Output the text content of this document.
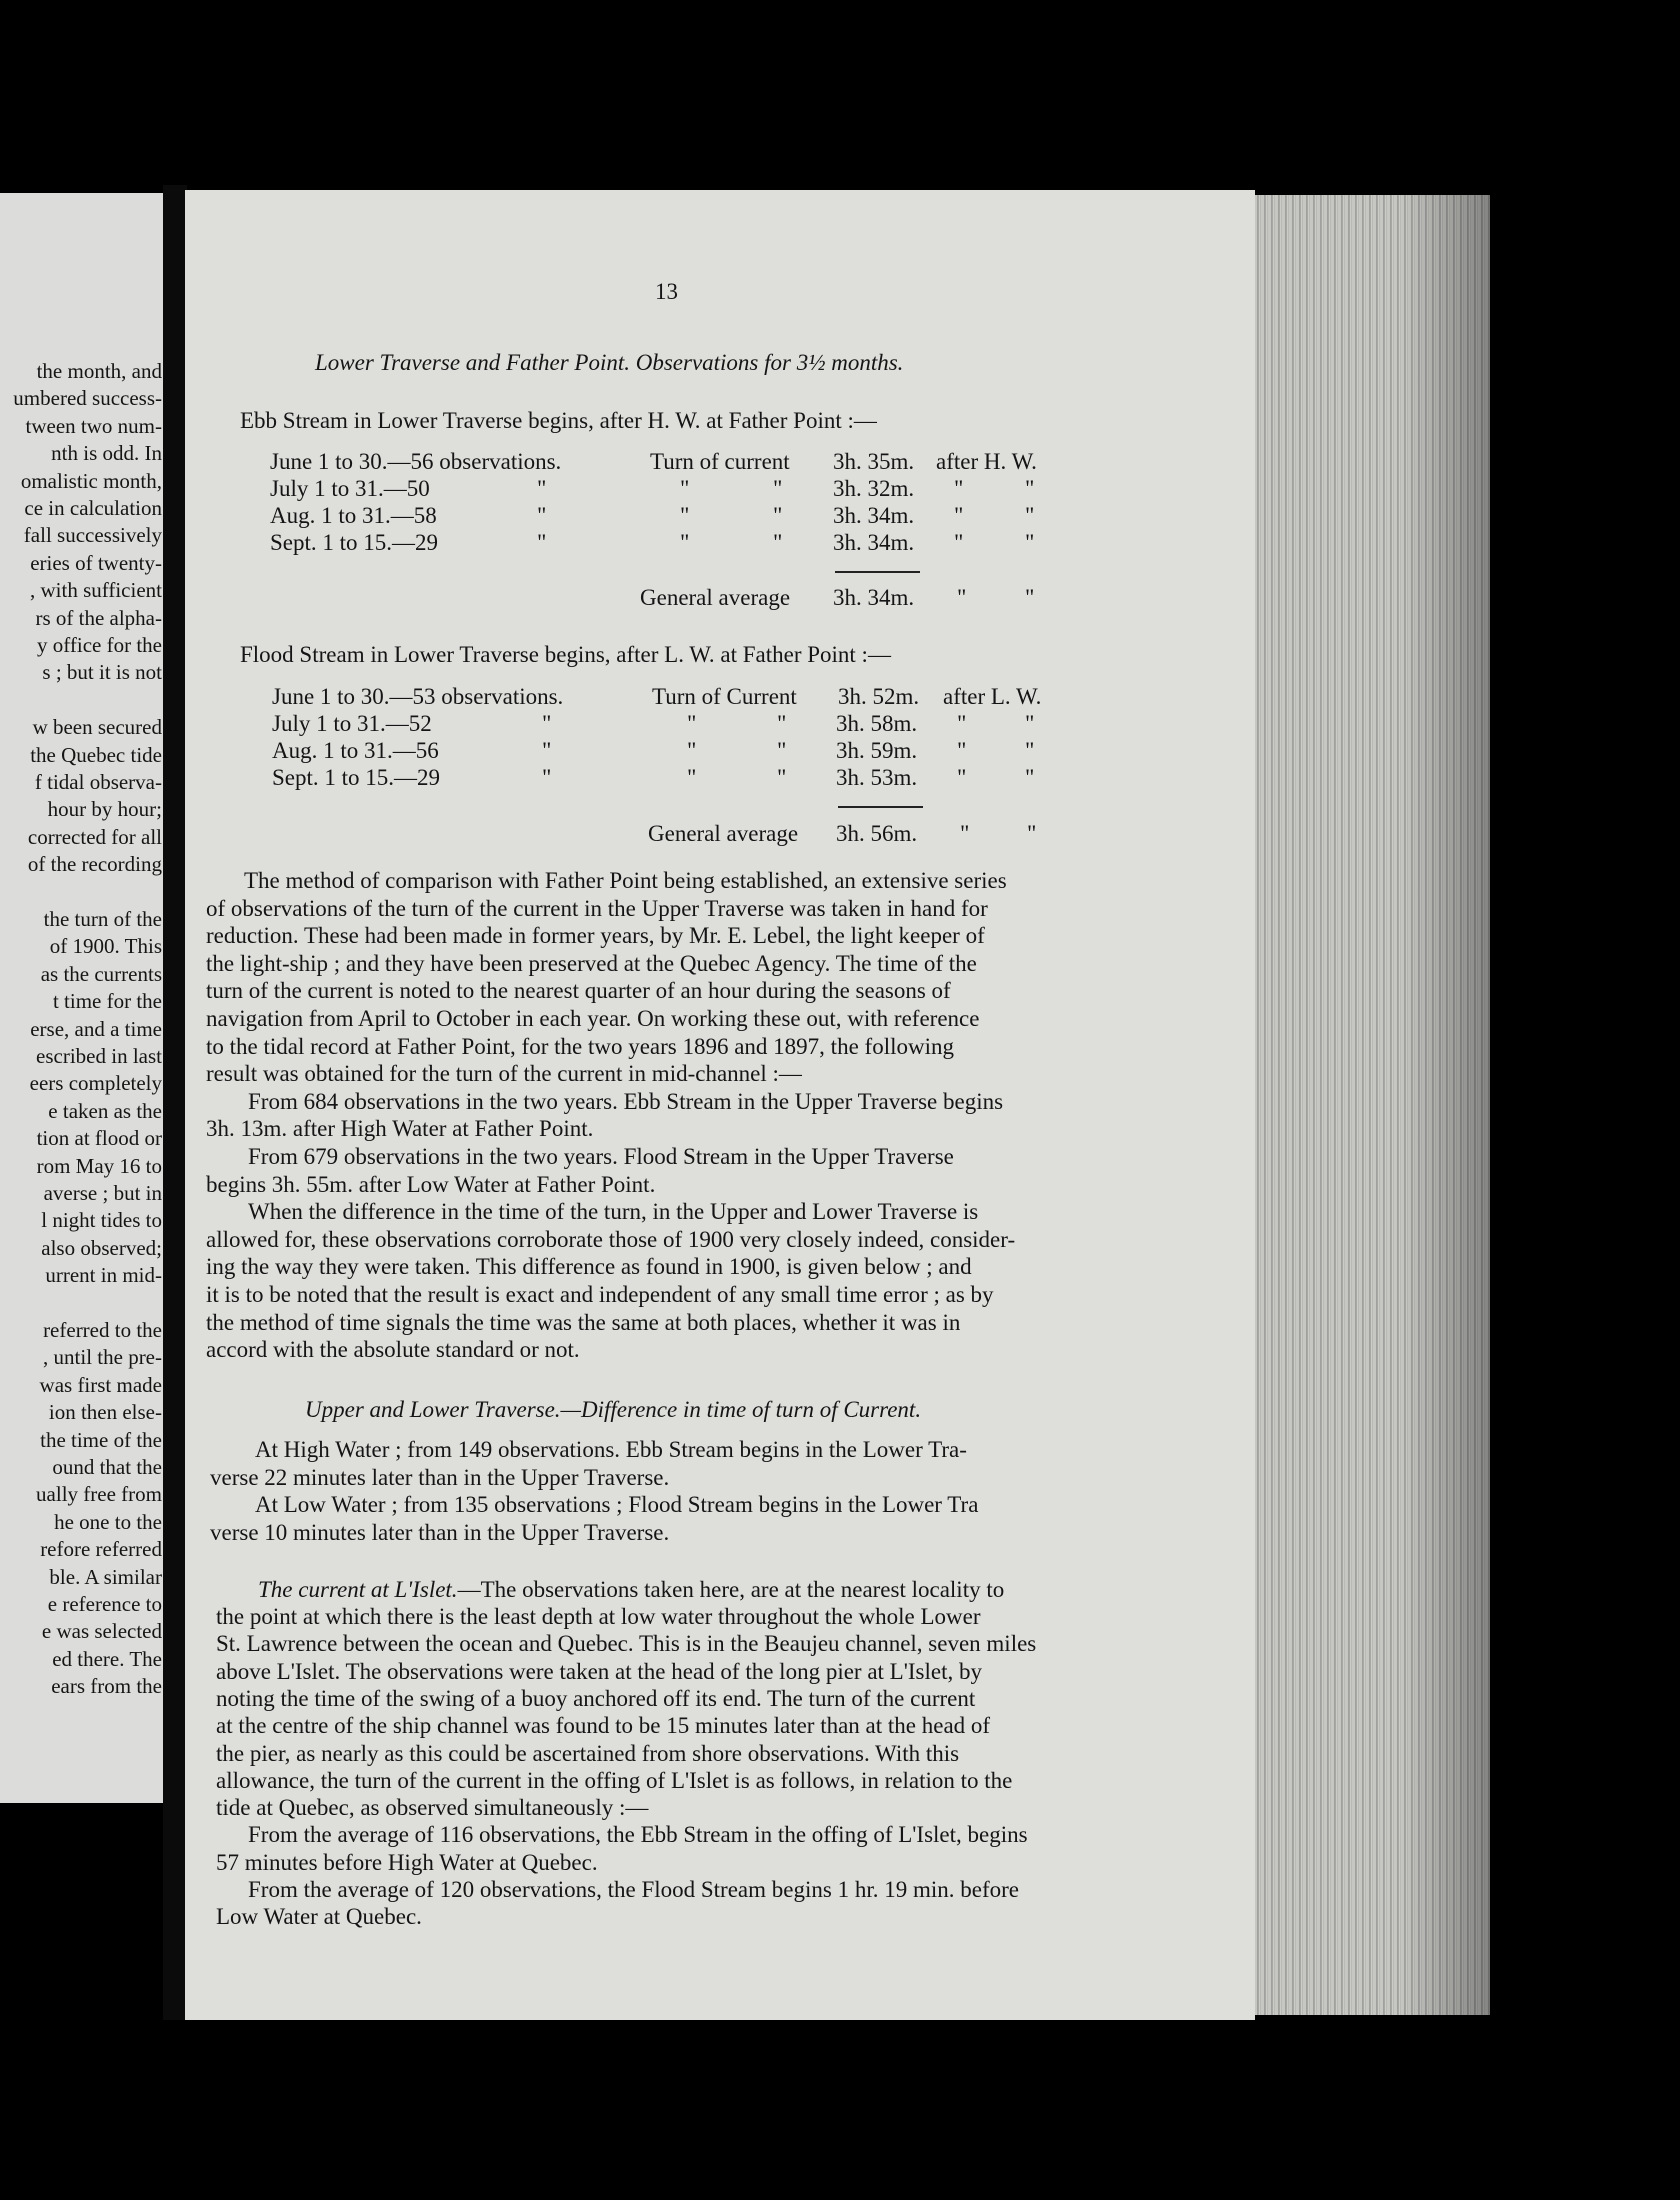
the month, and
umbered success-
tween two num-
nth is odd. In
omalistic month,
ce in calculation
fall successively
eries of twenty-
, with sufficient
rs of the alpha-
y office for the
s ; but it is not
w been secured
the Quebec tide
f tidal observa-
hour by hour;
corrected for all
of the recording
the turn of the
of 1900. This
as the currents
t time for the
erse, and a time
escribed in last
eers completely
e taken as the
tion at flood or
rom May 16 to
averse ; but in
l night tides to
also observed;
urrent in mid-
referred to the
, until the pre-
was first made
ion then else-
the time of the
ound that the
ually free from
he one to the
refore referred
ble. A similar
e reference to
e was selected
ed there. The
ears from the
13
Lower Traverse and Father Point. Observations for 3½ months.
Ebb Stream in Lower Traverse begins, after H. W. at Father Point :—
June 1 to 30.—56 observations.	Turn of current 3h. 35m. after H. W.
July 1 to 31.—50	"	"	" 3h. 32m. "	"
Aug. 1 to 31.—58	"	"	" 3h. 34m. "	"
Sept. 1 to 15.—29	"	"	" 3h. 34m. "	"
General average 3h. 34m. "	"
Flood Stream in Lower Traverse begins, after L. W. at Father Point :—
June 1 to 30.—53 observations.	Turn of Current 3h. 52m. after L. W.
July 1 to 31.—52	"	"	" 3h. 58m. "	"
Aug. 1 to 31.—56	"	"	" 3h. 59m. "	"
Sept. 1 to 15.—29	"	"	" 3h. 53m. "	"
General average 3h. 56m. "	"
The method of comparison with Father Point being established, an extensive series
of observations of the turn of the current in the Upper Traverse was taken in hand for
reduction. These had been made in former years, by Mr. E. Lebel, the light keeper of
the light-ship ; and they have been preserved at the Quebec Agency. The time of the
turn of the current is noted to the nearest quarter of an hour during the seasons of
navigation from April to October in each year. On working these out, with reference
to the tidal record at Father Point, for the two years 1896 and 1897, the following
result was obtained for the turn of the current in mid-channel :—
From 684 observations in the two years. Ebb Stream in the Upper Traverse begins
3h. 13m. after High Water at Father Point.
From 679 observations in the two years. Flood Stream in the Upper Traverse
begins 3h. 55m. after Low Water at Father Point.
When the difference in the time of the turn, in the Upper and Lower Traverse is
allowed for, these observations corroborate those of 1900 very closely indeed, consider-
ing the way they were taken. This difference as found in 1900, is given below ; and
it is to be noted that the result is exact and independent of any small time error ; as by
the method of time signals the time was the same at both places, whether it was in
accord with the absolute standard or not.
Upper and Lower Traverse.—Difference in time of turn of Current.
At High Water ; from 149 observations. Ebb Stream begins in the Lower Tra-
verse 22 minutes later than in the Upper Traverse.
At Low Water ; from 135 observations ; Flood Stream begins in the Lower Tra
verse 10 minutes later than in the Upper Traverse.
The current at L'Islet.—The observations taken here, are at the nearest locality to
the point at which there is the least depth at low water throughout the whole Lower
St. Lawrence between the ocean and Quebec. This is in the Beaujeu channel, seven miles
above L'Islet. The observations were taken at the head of the long pier at L'Islet, by
noting the time of the swing of a buoy anchored off its end. The turn of the current
at the centre of the ship channel was found to be 15 minutes later than at the head of
the pier, as nearly as this could be ascertained from shore observations. With this
allowance, the turn of the current in the offing of L'Islet is as follows, in relation to the
tide at Quebec, as observed simultaneously :—
From the average of 116 observations, the Ebb Stream in the offing of L'Islet, begins
57 minutes before High Water at Quebec.
From the average of 120 observations, the Flood Stream begins 1 hr. 19 min. before
Low Water at Quebec.
